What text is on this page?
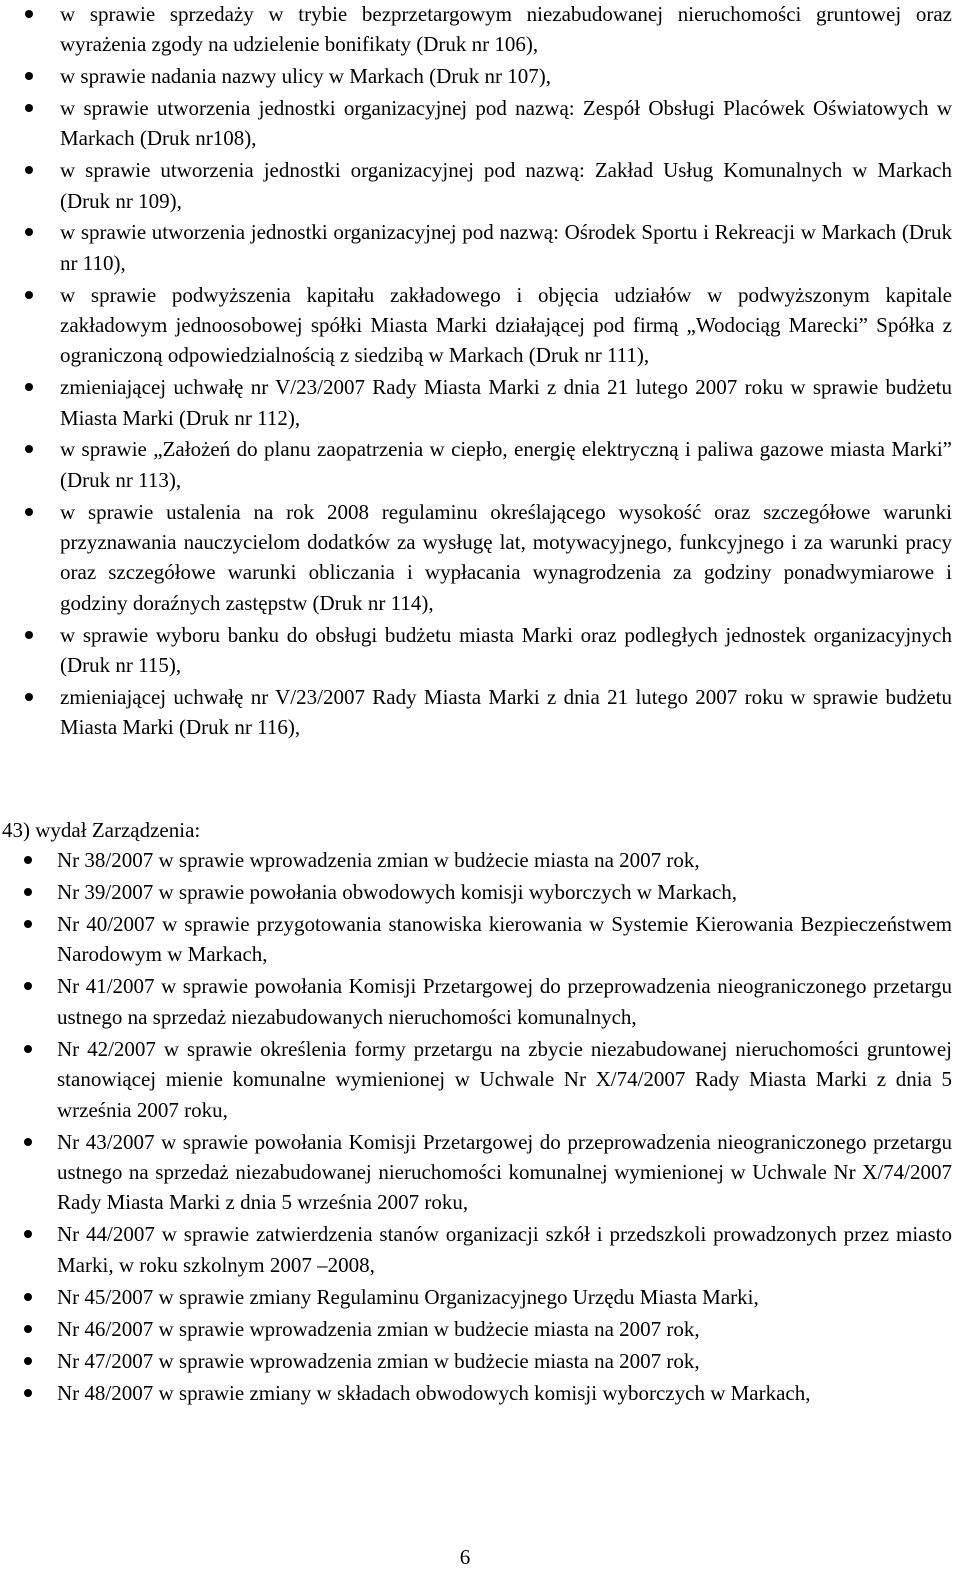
w sprawie sprzedaży w trybie bezprzetargowym niezabudowanej nieruchomości gruntowej oraz wyrażenia zgody na udzielenie bonifikaty (Druk nr 106),
w sprawie nadania nazwy ulicy w Markach (Druk nr 107),
w sprawie utworzenia jednostki organizacyjnej pod nazwą: Zespół Obsługi Placówek Oświatowych w Markach (Druk nr108),
w sprawie utworzenia jednostki organizacyjnej pod nazwą: Zakład Usług Komunalnych w Markach (Druk nr 109),
w sprawie utworzenia jednostki organizacyjnej pod nazwą: Ośrodek Sportu i Rekreacji w Markach (Druk nr 110),
w sprawie podwyższenia kapitału zakładowego i objęcia udziałów w podwyższonym kapitale zakładowym jednoosobowej spółki Miasta Marki działającej pod firmą „Wodociąg Marecki” Spółka z ograniczoną odpowiedzialnością z siedzibą w Markach (Druk nr 111),
zmieniającej uchwałę nr V/23/2007 Rady Miasta Marki z dnia 21 lutego 2007 roku w sprawie budżetu Miasta Marki (Druk nr 112),
w sprawie „Założeń do planu zaopatrzenia w ciepło, energię elektryczną i paliwa gazowe miasta Marki” (Druk nr 113),
w sprawie ustalenia na rok 2008 regulaminu określającego wysokość oraz szczegółowe warunki przyznawania nauczycielom dodatków za wysługę lat, motywacyjnego, funkcyjnego i za warunki pracy oraz szczegółowe warunki obliczania i wypłacania wynagrodzenia za godziny ponadwymiarowe i godziny doraźnych zastępstw (Druk nr 114),
w sprawie wyboru banku do obsługi budżetu miasta Marki oraz podległych jednostek organizacyjnych (Druk nr 115),
zmieniającej uchwałę nr V/23/2007 Rady Miasta Marki z dnia 21 lutego 2007 roku w sprawie budżetu Miasta Marki (Druk nr 116),
43) wydał Zarządzenia:
Nr 38/2007 w sprawie wprowadzenia zmian w budżecie miasta na 2007 rok,
Nr 39/2007 w sprawie powołania obwodowych komisji wyborczych w Markach,
Nr 40/2007 w sprawie przygotowania stanowiska kierowania w Systemie Kierowania Bezpieczeństwem Narodowym w Markach,
Nr 41/2007 w sprawie powołania Komisji Przetargowej do przeprowadzenia nieograniczonego przetargu ustnego na sprzedaż niezabudowanych nieruchomości komunalnych,
Nr 42/2007 w sprawie określenia formy przetargu na zbycie niezabudowanej nieruchomości gruntowej stanowiącej mienie komunalne wymienionej w Uchwale Nr X/74/2007 Rady Miasta Marki z dnia 5 września 2007 roku,
Nr 43/2007 w sprawie powołania Komisji Przetargowej do przeprowadzenia nieograniczonego przetargu ustnego na sprzedaż niezabudowanej nieruchomości komunalnej wymienionej w Uchwale Nr X/74/2007 Rady Miasta Marki z dnia 5 września 2007 roku,
Nr 44/2007 w sprawie zatwierdzenia stanów organizacji szkół i przedszkoli prowadzonych przez miasto Marki, w roku szkolnym 2007 –2008,
Nr 45/2007 w sprawie zmiany Regulaminu Organizacyjnego Urzędu Miasta Marki,
Nr 46/2007 w sprawie wprowadzenia zmian w budżecie miasta na 2007 rok,
Nr 47/2007 w sprawie wprowadzenia zmian w budżecie miasta na 2007 rok,
Nr 48/2007 w sprawie zmiany w składach obwodowych komisji wyborczych w Markach,
6
